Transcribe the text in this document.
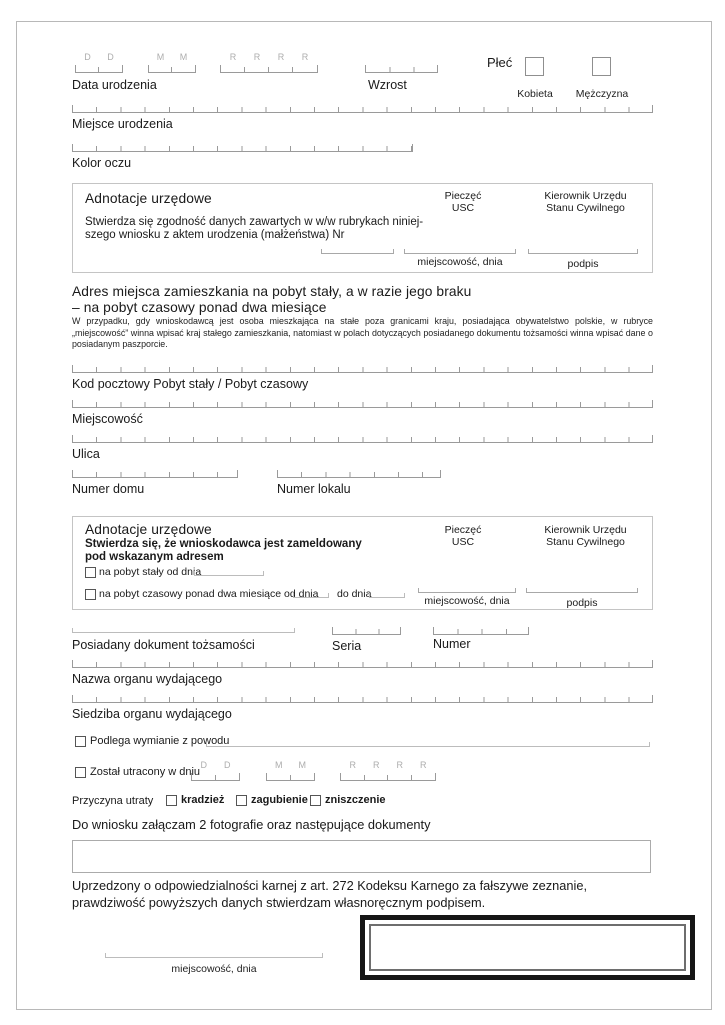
D	D	M	M	R	R	R	R
Data urodzenia	Wzrost
Płeć
Kobieta	Mężczyzna
Miejsce urodzenia
Kolor oczu
Adnotacje urzędowe	Pieczęć
USC
Kierownik Urzędu
Stanu Cywilnego
Stwierdza się zgodność danych zawartych w w/w rubrykach niniej-
szego wniosku z aktem urodzenia (małżeństwa) Nr
miejscowość, dnia	podpis
Adres miejsca zamieszkania na pobyt stały, a w razie jego braku
– na pobyt czasowy ponad dwa miesiące
W przypadku, gdy wnioskodawcą jest osoba mieszkająca na stałe poza granicami kraju, posiadająca obywatelstwo polskie, w rubryce „miejscowość” winna wpisać kraj stałego zamieszkania, natomiast w polach dotyczących posiadanego dokumentu tożsamości winna wpisać dane o posiadanym paszporcie.
Kod pocztowy Pobyt stały / Pobyt czasowy
Miejscowość
Ulica
Numer domu	Numer lokalu
Adnotacje urzędowe
Stwierdza się, że wnioskodawca jest zameldowany
pod wskazanym adresem
Pieczęć
USC
Kierownik Urzędu
Stanu Cywilnego
na pobyt stały od dnia
na pobyt czasowy ponad dwa miesiące od dnia do dnia
miejscowość, dnia	podpis
Posiadany dokument tożsamości	Seria	Numer
Nazwa organu wydającego
Siedziba organu wydającego
Podlega wymianie z powodu
Został utracony w dniu
D	D	M	M	R	R	R	R
Przyczyna utraty	kradzież zagubienie zniszczenie
Do wniosku załączam 2 fotografie oraz następujące dokumenty
Uprzedzony o odpowiedzialności karnej z art. 272 Kodeksu Karnego za fałszywe zeznanie,
prawdziwość powyższych danych stwierdzam własnoręcznym podpisem.
miejscowość, dnia
